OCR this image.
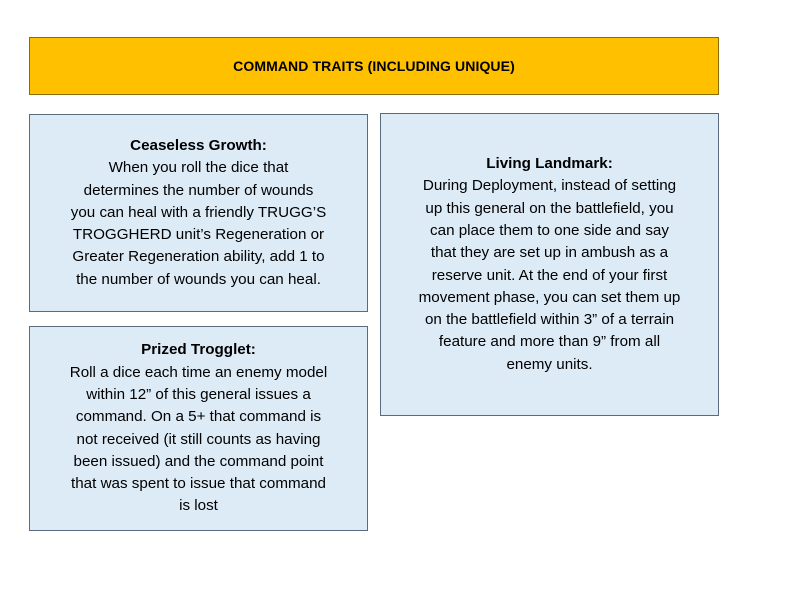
COMMAND TRAITS (INCLUDING UNIQUE)
Ceaseless Growth:
When you roll the dice that
determines the number of wounds
you can heal with a friendly TRUGG’S
TROGGHERD unit’s Regeneration or
Greater Regeneration ability, add 1 to
the number of wounds you can heal.
Prized Trogglet:
Roll a dice each time an enemy model
within 12” of this general issues a
command. On a 5+ that command is
not received (it still counts as having
been issued) and the command point
that was spent to issue that command
is lost
Living Landmark:
During Deployment, instead of setting
up this general on the battlefield, you
can place them to one side and say
that they are set up in ambush as a
reserve unit. At the end of your first
movement phase, you can set them up
on the battlefield within 3” of a terrain
feature and more than 9” from all
enemy units.
